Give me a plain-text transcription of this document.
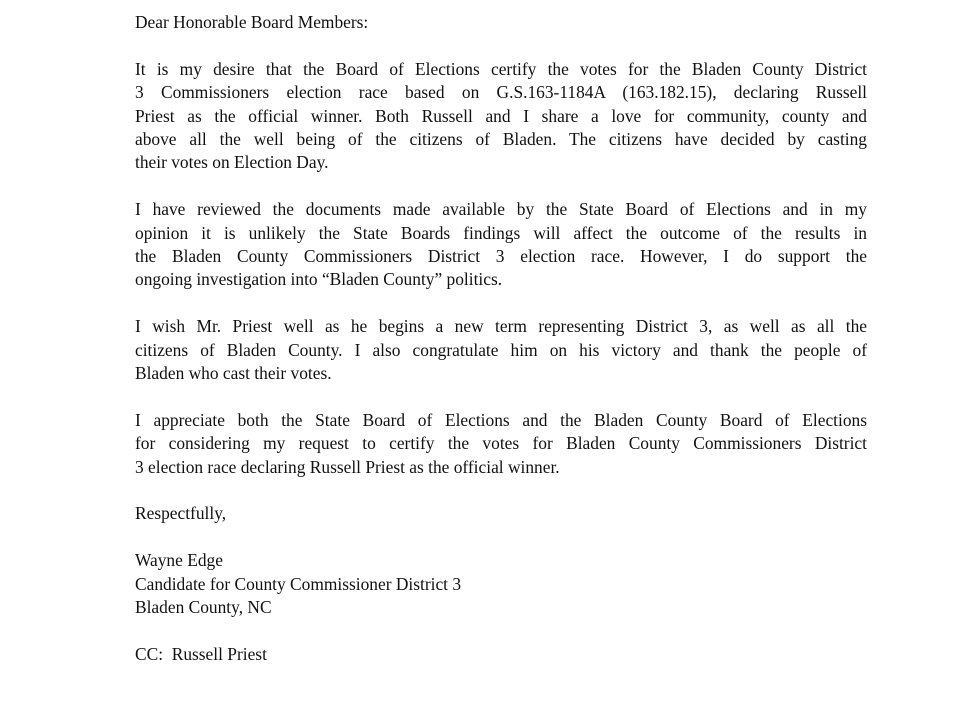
Dear Honorable Board Members:
It is my desire that the Board of Elections certify the votes for the Bladen County District
3 Commissioners election race based on G.S.163-1184A (163.182.15), declaring Russell
Priest as the official winner. Both Russell and I share a love for community, county and
above all the well being of the citizens of Bladen. The citizens have decided by casting
their votes on Election Day.
I have reviewed the documents made available by the State Board of Elections and in my
opinion it is unlikely the State Boards findings will affect the outcome of the results in
the Bladen County Commissioners District 3 election race. However, I do support the
ongoing investigation into “Bladen County” politics.
I wish Mr. Priest well as he begins a new term representing District 3, as well as all the
citizens of Bladen County. I also congratulate him on his victory and thank the people of
Bladen who cast their votes.
I appreciate both the State Board of Elections and the Bladen County Board of Elections
for considering my request to certify the votes for Bladen County Commissioners District
3 election race declaring Russell Priest as the official winner.
Respectfully,
Wayne Edge
Candidate for County Commissioner District 3
Bladen County, NC
CC:  Russell Priest
